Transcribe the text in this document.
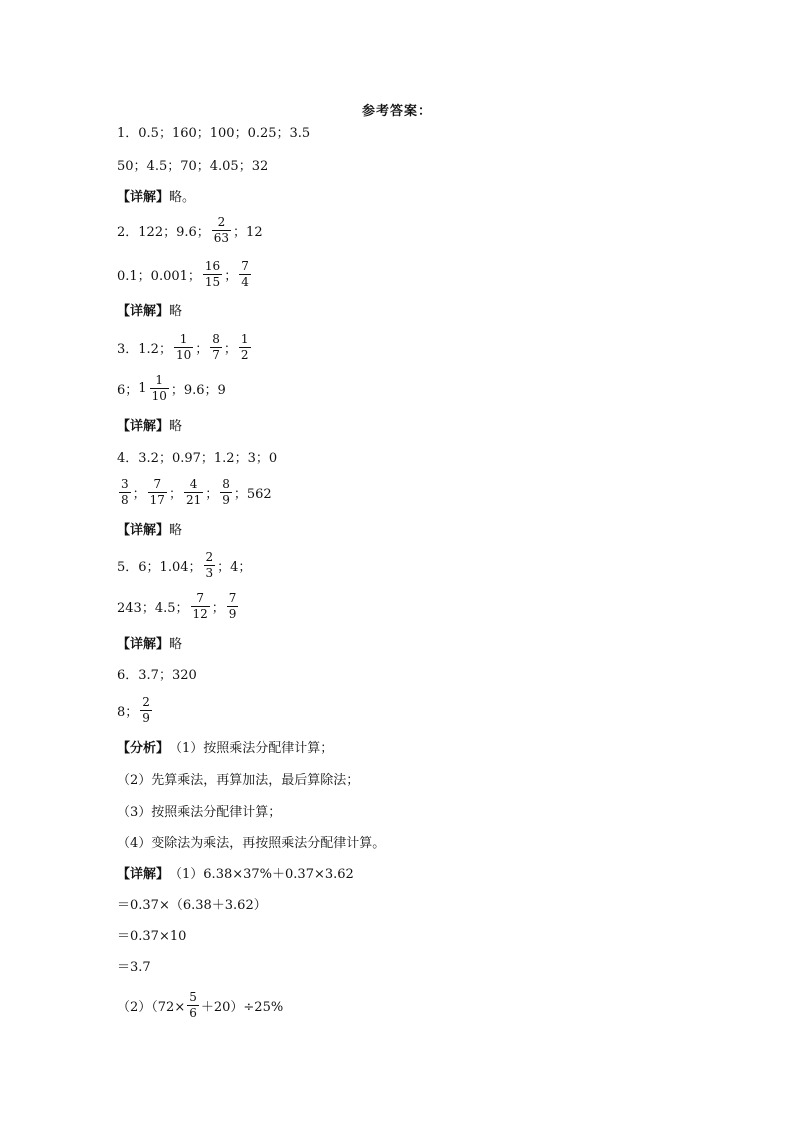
参考答案：
1．0.5；160；100；0.25；3.5
50；4.5；70；4.05；32
【详解】 略。
2．122；9.6； $\frac{2}{63}$ ；12
0.1；0.001； $\frac{16}{15}$ ； $\frac{7}{4}$
【详解】 略
3．1.2； $\frac{1}{10}$ ； $\frac{8}{7}$ ； $\frac{1}{2}$
6； $1 \frac{1}{10}$ ；9.6；9
【详解】 略
4．3.2；0.97；1.2；3；0
$\frac{3}{8}$ ； $\frac{7}{17}$ ； $\frac{4}{21}$ ； $\frac{8}{9}$ ；562
【详解】 略
5．6；1.04； $\frac{2}{3}$ ；4；
243；4.5； $\frac{7}{12}$ ； $\frac{7}{9}$
【详解】 略
6．3.7；320
8； $\frac{2}{9}$
【分析】 （1）按照乘法分配律计算；
（2）先算乘法，再算加法，最后算除法；
（3）按照乘法分配律计算；
（4）变除法为乘法，再按照乘法分配律计算。
【详解】 （1）6.38×37%＋0.37×3.62
＝0.37×（6.38＋3.62）
＝0.37×10
＝3.7
$(2)(72\times \frac{5}{6} +20)\div 25\%$
